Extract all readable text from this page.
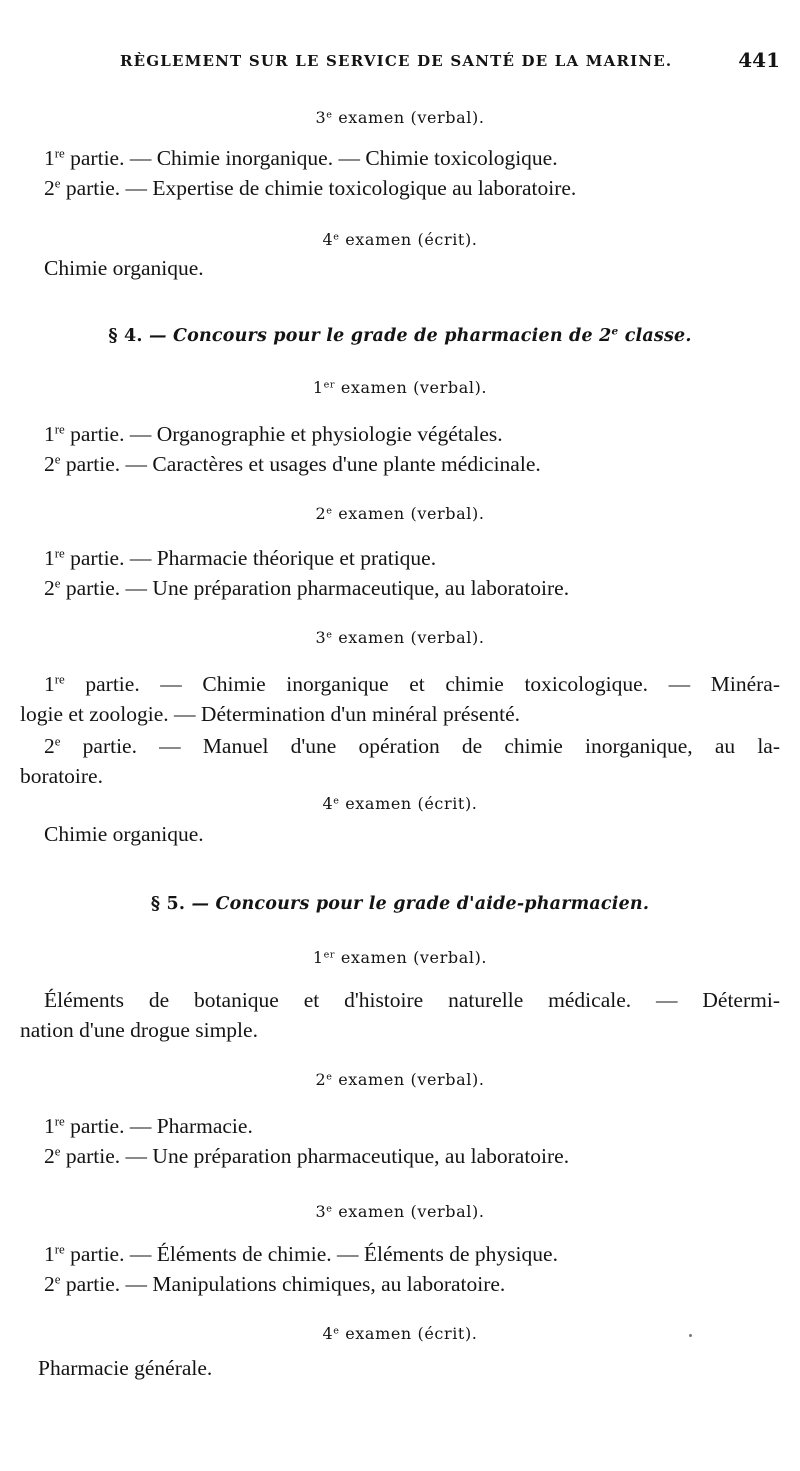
RÈGLEMENT SUR LE SERVICE DE SANTÉ DE LA MARINE.	441
3e examen (verbal).
1re partie. — Chimie inorganique. — Chimie toxicologique.
2e partie. — Expertise de chimie toxicologique au laboratoire.
4e examen (écrit).
Chimie organique.
§ 4. — Concours pour le grade de pharmacien de 2e classe.
1er examen (verbal).
1re partie. — Organographie et physiologie végétales.
2e partie. — Caractères et usages d'une plante médicinale.
2e examen (verbal).
1re partie. — Pharmacie théorique et pratique.
2e partie. — Une préparation pharmaceutique, au laboratoire.
3e examen (verbal).
1re partie. — Chimie inorganique et chimie toxicologique. — Minéra-
logie et zoologie. — Détermination d'un minéral présenté.
2e partie. — Manuel d'une opération de chimie inorganique, au la-
boratoire.
4e examen (écrit).
Chimie organique.
§ 5. — Concours pour le grade d'aide-pharmacien.
1er examen (verbal).
Éléments de botanique et d'histoire naturelle médicale. — Détermi-
nation d'une drogue simple.
2e examen (verbal).
1re partie. — Pharmacie.
2e partie. — Une préparation pharmaceutique, au laboratoire.
3e examen (verbal).
1re partie. — Éléments de chimie. — Éléments de physique.
2e partie. — Manipulations chimiques, au laboratoire.
4e examen (écrit).
Pharmacie générale.
